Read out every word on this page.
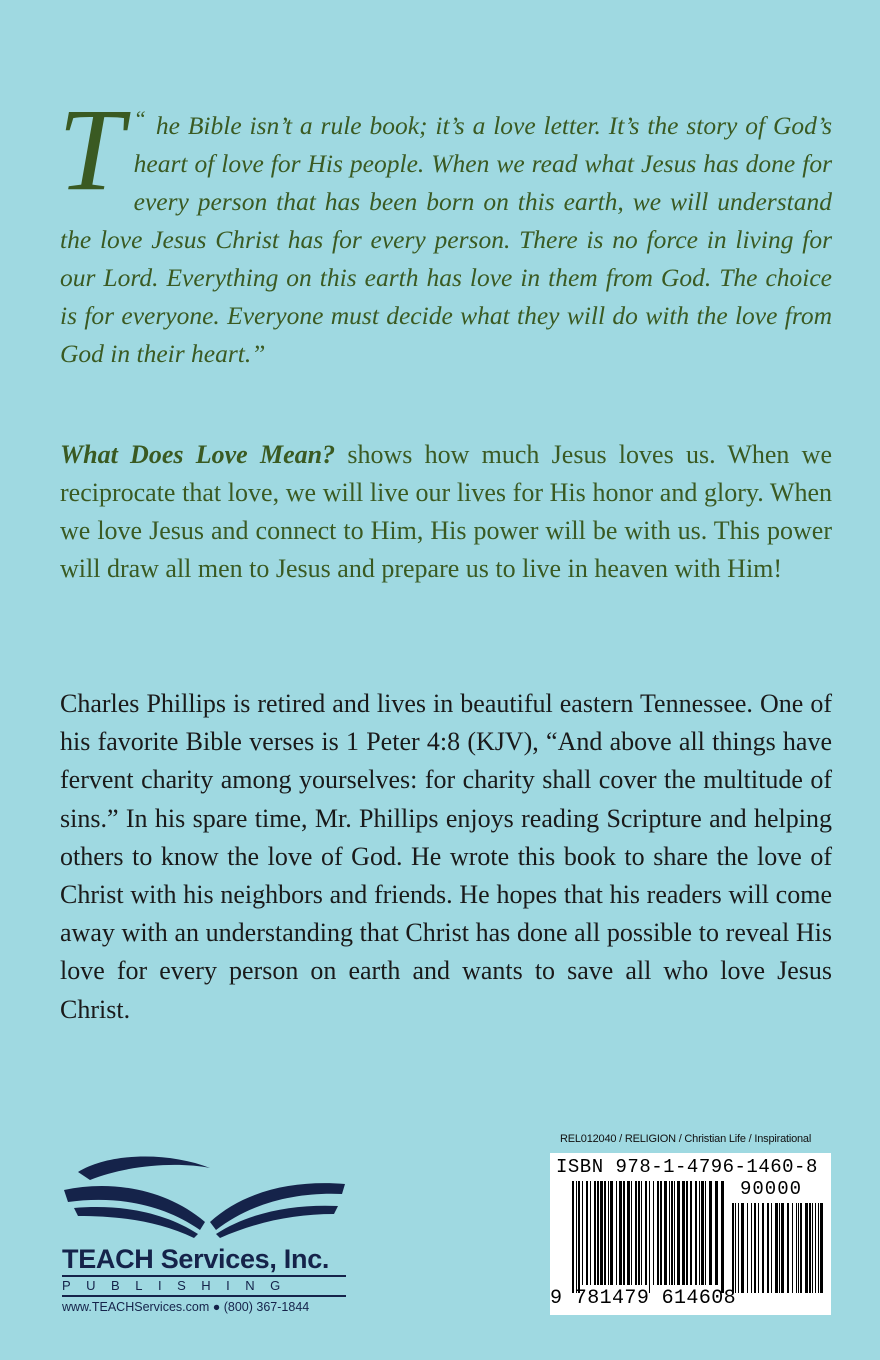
T “ he Bible isn’t a rule book; it’s a love letter. It’s the story of God’s heart of love for His people. When we read what Jesus has done for every person that has been born on this earth, we will understand the love Jesus Christ has for every person. There is no force in living for our Lord. Everything on this earth has love in them from God. The choice is for everyone. Everyone must decide what they will do with the love from God in their heart.”
What Does Love Mean? shows how much Jesus loves us. When we reciprocate that love, we will live our lives for His honor and glory. When we love Jesus and connect to Him, His power will be with us. This power will draw all men to Jesus and prepare us to live in heaven with Him!
Charles Phillips is retired and lives in beautiful eastern Tennessee. One of his favorite Bible verses is 1 Peter 4:8 (KJV), “And above all things have fervent charity among yourselves: for charity shall cover the multitude of sins.” In his spare time, Mr. Phillips enjoys reading Scripture and helping others to know the love of God. He wrote this book to share the love of Christ with his neighbors and friends. He hopes that his readers will come away with an understanding that Christ has done all possible to reveal His love for every person on earth and wants to save all who love Jesus Christ.
TEACH Services, Inc.
PUBLISHING
www.TEACHServices.com ● (800) 367-1844
REL012040 / RELIGION / Christian Life / Inspirational
ISBN 978-1-4796-1460-8
90000
9 781479 614608
